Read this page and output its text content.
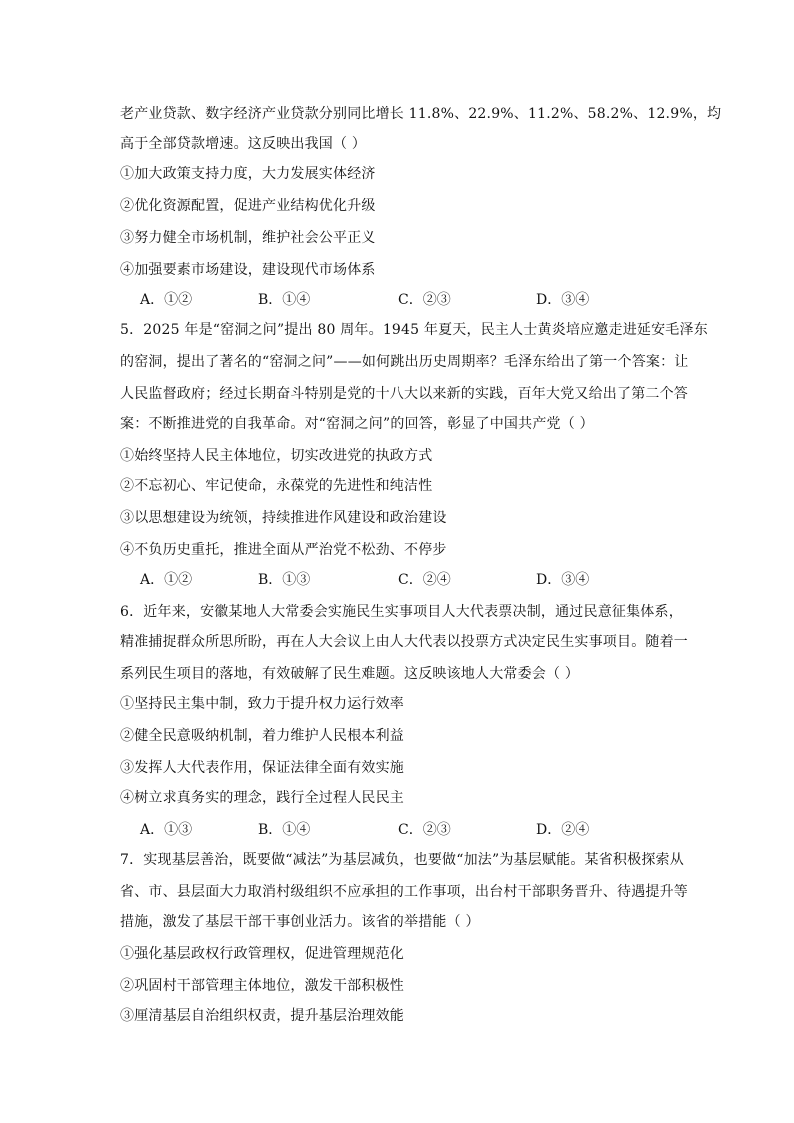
老产业贷款、数字经济产业贷款分别同比增长 11.8%、22.9%、11.2%、58.2%、12.9%，均
高于全部贷款增速。这反映出我国（ ）
①加大政策支持力度，大力发展实体经济
②优化资源配置，促进产业结构优化升级
③努力健全市场机制，维护社会公平正义
④加强要素市场建设，建设现代市场体系
A．①②	B．①④	C．②③	D．③④
5．2025 年是“窑洞之问”提出 80 周年。1945 年夏天，民主人士黄炎培应邀走进延安毛泽东
的窑洞，提出了著名的“窑洞之问”——如何跳出历史周期率？毛泽东给出了第一个答案：让
人民监督政府；经过长期奋斗特别是党的十八大以来新的实践，百年大党又给出了第二个答
案：不断推进党的自我革命。对“窑洞之问”的回答，彰显了中国共产党（ ）
①始终坚持人民主体地位，切实改进党的执政方式
②不忘初心、牢记使命，永葆党的先进性和纯洁性
③以思想建设为统领，持续推进作风建设和政治建设
④不负历史重托，推进全面从严治党不松劲、不停步
A．①②	B．①③	C．②④	D．③④
6．近年来，安徽某地人大常委会实施民生实事项目人大代表票决制，通过民意征集体系，
精准捕捉群众所思所盼，再在人大会议上由人大代表以投票方式决定民生实事项目。随着一
系列民生项目的落地，有效破解了民生难题。这反映该地人大常委会（ ）
①坚持民主集中制，致力于提升权力运行效率
②健全民意吸纳机制，着力维护人民根本利益
③发挥人大代表作用，保证法律全面有效实施
④树立求真务实的理念，践行全过程人民民主
A．①③	B．①④	C．②③	D．②④
7．实现基层善治，既要做“减法”为基层减负，也要做“加法”为基层赋能。某省积极探索从
省、市、县层面大力取消村级组织不应承担的工作事项，出台村干部职务晋升、待遇提升等
措施，激发了基层干部干事创业活力。该省的举措能（ ）
①强化基层政权行政管理权，促进管理规范化
②巩固村干部管理主体地位，激发干部积极性
③厘清基层自治组织权责，提升基层治理效能
